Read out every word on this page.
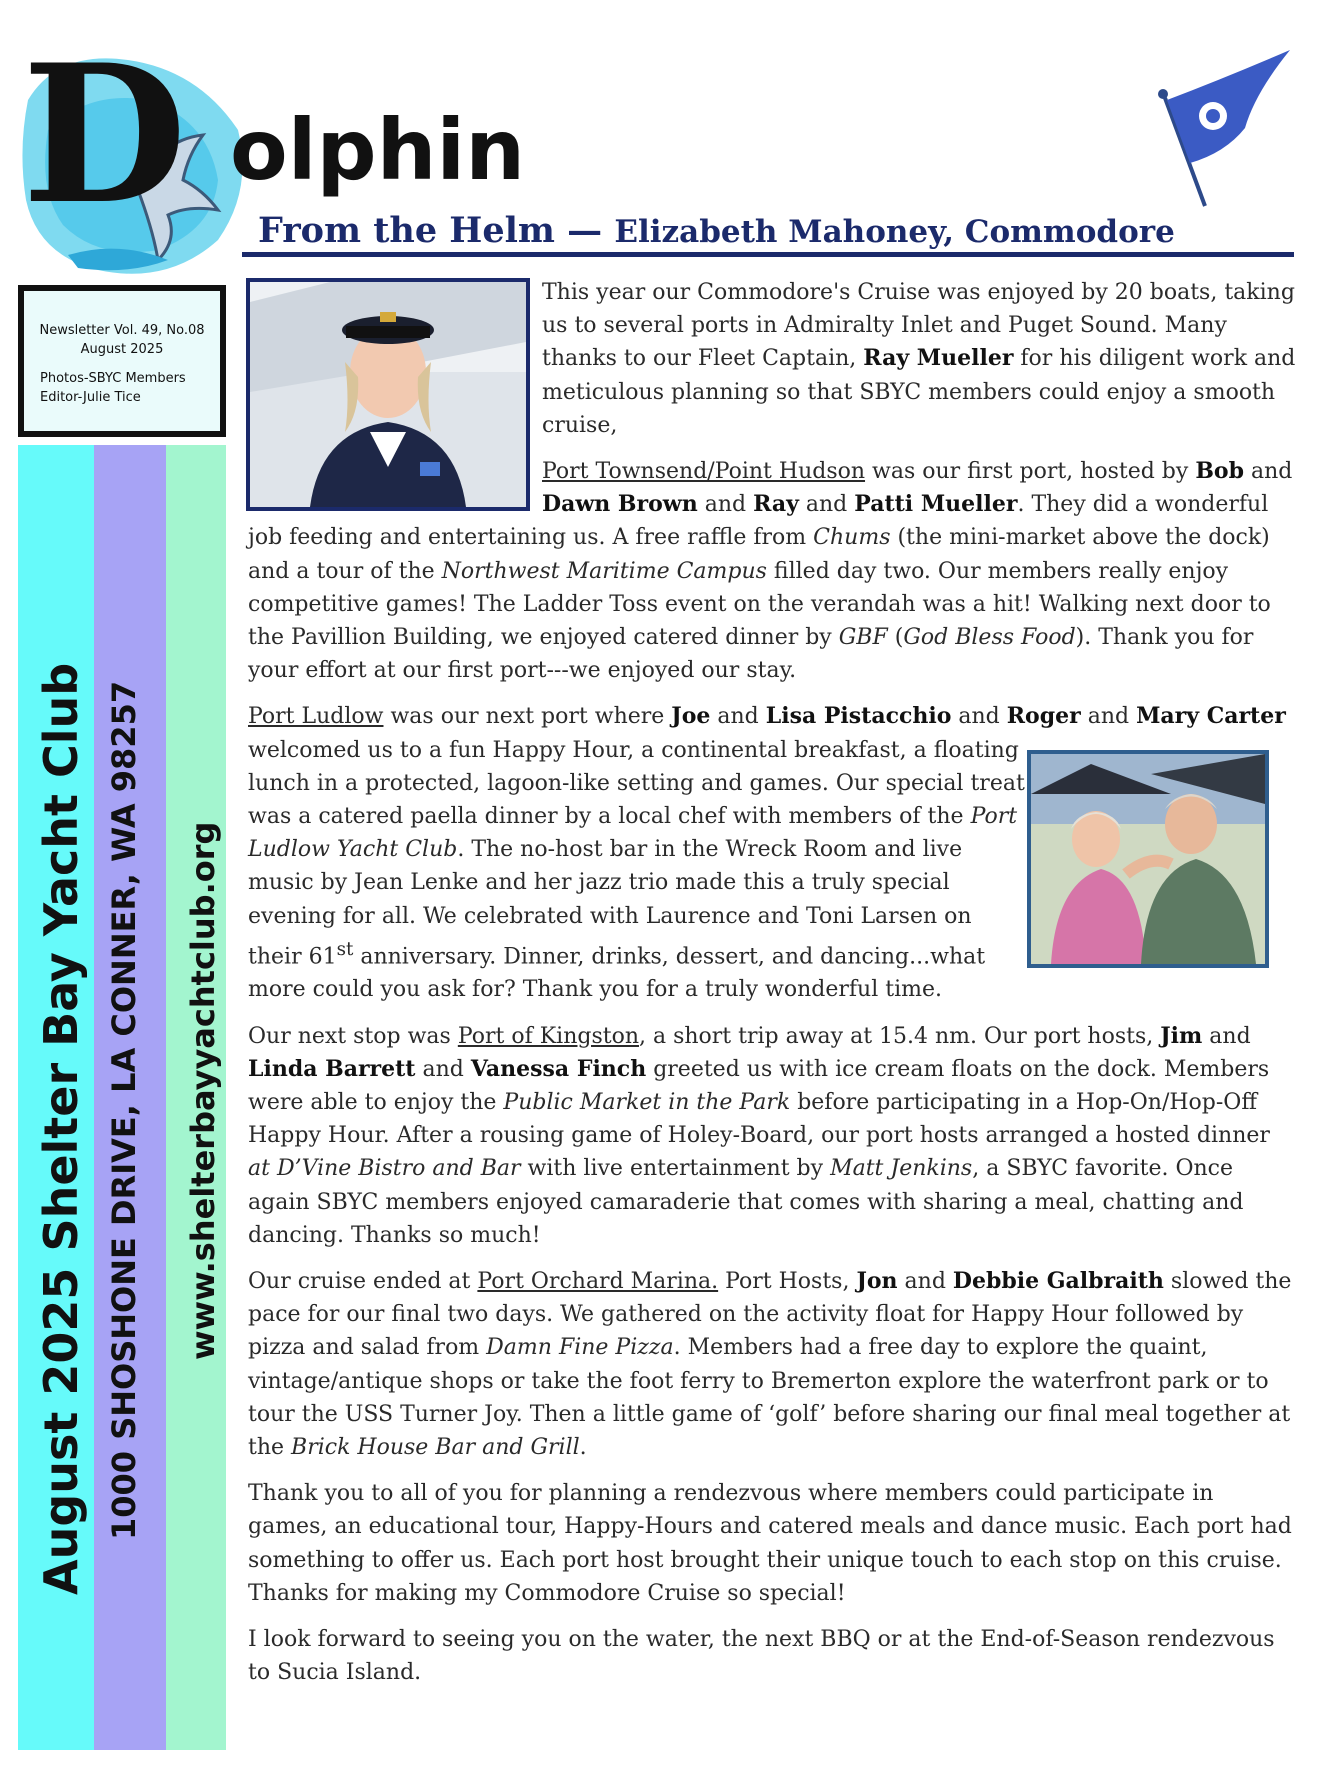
D olphin
From the Helm — Elizabeth Mahoney, Commodore
Newsletter Vol. 49, No.08
August 2025
Photos-SBYC Members
Editor-Julie Tice
August 2025 Shelter Bay Yacht Club 1000 SHOSHONE DRIVE, LA CONNER, WA 98257 www.shelterbayyachtclub.org

This year our Commodore's Cruise was enjoyed by 20 boats, taking us to several ports in Admiralty Inlet and Puget Sound. Many thanks to our Fleet Captain, Ray Mueller for his diligent work and meticulous planning so that SBYC members could enjoy a smooth cruise,

Port Townsend/Point Hudson was our first port, hosted by Bob and Dawn Brown and Ray and Patti Mueller. They did a wonderful job feeding and entertaining us. A free raffle from Chums (the mini-market above the dock) and a tour of the Northwest Maritime Campus filled day two. Our members really enjoy competitive games! The Ladder Toss event on the verandah was a hit! Walking next door to the Pavillion Building, we enjoyed catered dinner by GBF (God Bless Food). Thank you for your effort at our first port---we enjoyed our stay.

Port Ludlow was our next port where Joe and Lisa Pistacchio and Roger and Mary Carter
welcomed us to a fun Happy Hour, a continental breakfast, a floating lunch in a protected, lagoon-like setting and games. Our special treat was a catered paella dinner by a local chef with members of the Port Ludlow Yacht Club. The no-host bar in the Wreck Room and live music by Jean Lenke and her jazz trio made this a truly special evening for all. We celebrated with Laurence and Toni Larsen on their 61st anniversary. Dinner, drinks, dessert, and dancing...what more could you ask for? Thank you for a truly wonderful time.

Our next stop was Port of Kingston, a short trip away at 15.4 nm. Our port hosts, Jim and Linda Barrett and Vanessa Finch greeted us with ice cream floats on the dock. Members were able to enjoy the Public Market in the Park before participating in a Hop-On/Hop-Off Happy Hour. After a rousing game of Holey-Board, our port hosts arranged a hosted dinner at D’Vine Bistro and Bar with live entertainment by Matt Jenkins, a SBYC favorite. Once again SBYC members enjoyed camaraderie that comes with sharing a meal, chatting and dancing. Thanks so much!

Our cruise ended at Port Orchard Marina. Port Hosts, Jon and Debbie Galbraith slowed the pace for our final two days. We gathered on the activity float for Happy Hour followed by pizza and salad from Damn Fine Pizza. Members had a free day to explore the quaint, vintage/antique shops or take the foot ferry to Bremerton explore the waterfront park or to tour the USS Turner Joy. Then a little game of ‘golf’ before sharing our final meal together at the Brick House Bar and Grill.

Thank you to all of you for planning a rendezvous where members could participate in games, an educational tour, Happy-Hours and catered meals and dance music. Each port had something to offer us. Each port host brought their unique touch to each stop on this cruise. Thanks for making my Commodore Cruise so special!

I look forward to seeing you on the water, the next BBQ or at the End-of-Season rendezvous to Sucia Island.
